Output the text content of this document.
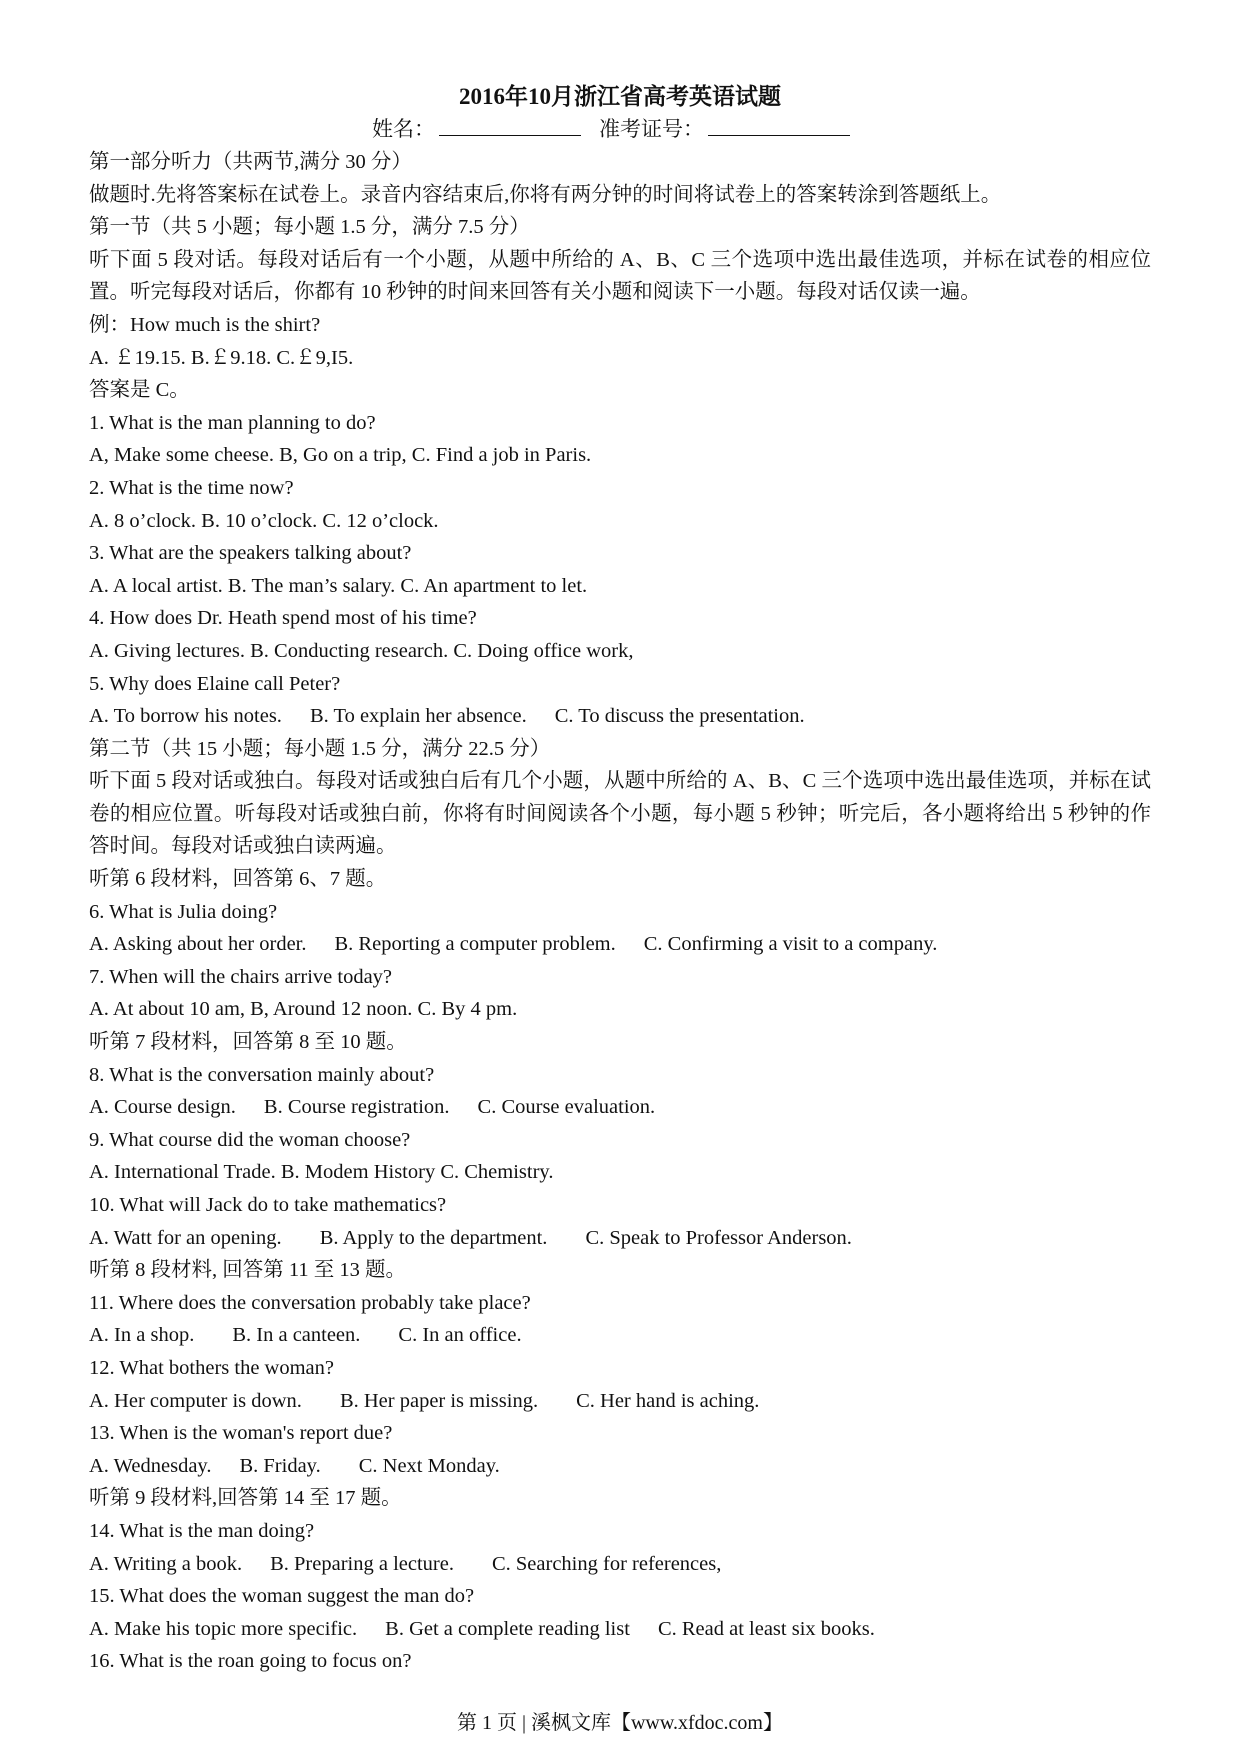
2016年10月浙江省高考英语试题
姓名：	准考证号：
第一部分听力（共两节,满分 30 分）
做题时.先将答案标在试卷上。录音内容结束后,你将有两分钟的时间将试卷上的答案转涂到答题纸上。
第一节（共 5 小题；每小题 1.5 分，满分 7.5 分）
听下面 5 段对话。每段对话后有一个小题，从题中所给的 A、B、C 三个选项中选出最佳选项，并标在试卷的相应位置。听完每段对话后，你都有 10 秒钟的时间来回答有关小题和阅读下一小题。每段对话仅读一遍。
例：How much is the shirt?
A. ￡19.15. B.￡9.18. C.￡9,I5.
答案是 C。
1. What is the man planning to do?
A, Make some cheese. B, Go on a trip, C. Find a job in Paris.
2. What is the time now?
A. 8 o’clock. B. 10 o’clock. C. 12 o’clock.
3. What are the speakers talking about?
A. A local artist. B. The man’s salary. C. An apartment to let.
4. How does Dr. Heath spend most of his time?
A. Giving lectures. B. Conducting research. C. Doing office work,
5. Why does Elaine call Peter?
A. To borrow his notes. B. To explain her absence. C. To discuss the presentation.
第二节（共 15 小题；每小题 1.5 分，满分 22.5 分）
听下面 5 段对话或独白。每段对话或独白后有几个小题，从题中所给的 A、B、C 三个选项中选出最佳选项，并标在试卷的相应位置。听每段对话或独白前，你将有时间阅读各个小题，每小题 5 秒钟；听完后，各小题将给出 5 秒钟的作答时间。每段对话或独白读两遍。
听第 6 段材料，回答第 6、7 题。
6. What is Julia doing?
A. Asking about her order. B. Reporting a computer problem. C. Confirming a visit to a company.
7. When will the chairs arrive today?
A. At about 10 am, B, Around 12 noon. C. By 4 pm.
听第 7 段材料，回答第 8 至 10 题。
8. What is the conversation mainly about?
A. Course design. B. Course registration. C. Course evaluation.
9. What course did the woman choose?
A. International Trade. B. Modem History C. Chemistry.
10. What will Jack do to take mathematics?
A. Watt for an opening. B. Apply to the department. C. Speak to Professor Anderson.
听第 8 段材料, 回答第 11 至 13 题。
11. Where does the conversation probably take place?
A. In a shop. B. In a canteen. C. In an office.
12. What bothers the woman?
A. Her computer is down. B. Her paper is missing. C. Her hand is aching.
13. When is the woman's report due?
A. Wednesday. B. Friday. C. Next Monday.
听第 9 段材料,回答第 14 至 17 题。
14. What is the man doing?
A. Writing a book. B. Preparing a lecture. C. Searching for references,
15. What does the woman suggest the man do?
A. Make his topic more specific. B. Get a complete reading list C. Read at least six books.
16. What is the roan going to focus on?
第 1 页 | 溪枫文库【www.xfdoc.com】
